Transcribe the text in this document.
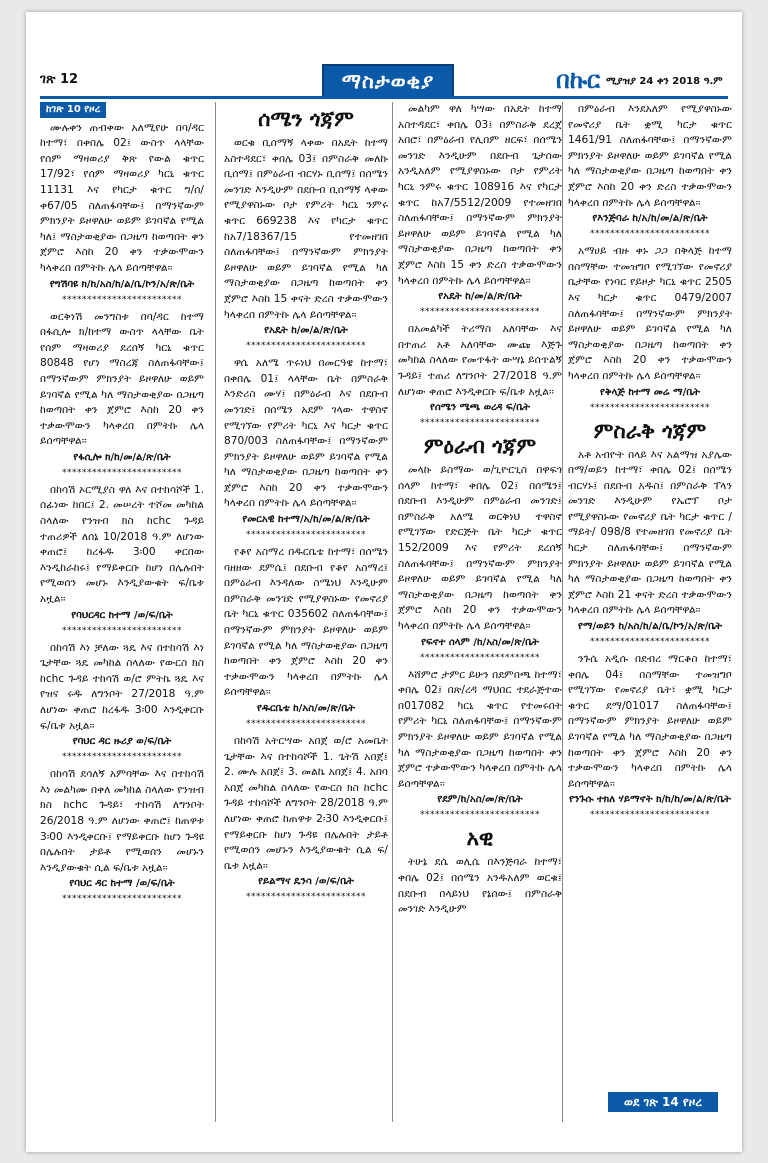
ገጽ 12	ማስታወቂያ	በኩር ሚያዝያ 24 ቀን 2018 ዓ.ም
ከገጽ 10 የዞረ

ሙሉቀን ጠብቀው አለሚየሁ በባ/ዳር ከተማ፣ በቀበሌ 02፤ ውስጥ ላላቸው የሰም ማዛወሪያ ቅጽ የውል ቁጥር 17/92፣ የሰም ማዛወሪያ ካርኒ ቁጥር 11131 እና የካርታ ቁጥር ግ/ሰ/ ቀ67/05 ስለጠፋባቸው፤ በማንኛውም ምክንያት ይዞዋለሁ ወይም ይገባኛል የሚል ካለ፤ ማስታወቂያው በጋዜጣ ከወጣበት ቀን ጀምሮ እስከ 20 ቀን ተቃውሞውን ካላቀረበ በምትኩ ሌላ ይሰጣቸዋል፡፡

የግሽባዩ ክ/ከ/አስ/ከ/ል/ቤ/ኮን/አ/ጽ/ቤት
************************

ወርቅነሽ መንግስቱ በባ/ዳር ከተማ በፋሲሎ ክ/ከተማ ውስጥ ላላቸው ቤት የሰም ማዛወሪያ ደረሰኝ ካርኒ ቁጥር 80848 የሆነ ማስረጃ ስለጠፋባቸው፤ በማንኛውም ምክንያት ይዞዋለሁ ወይም ይገባኛል የሚል ካለ ማስታወቂያው በጋዜጣ ከወጣበት ቀን ጀምሮ እስከ 20 ቀን ተቃውሞውን ካላቀረበ በምትኩ ሌላ ይሰጣቸዋል፡፡

የፋሲሎ ክ/ከ/መ/ል/ጽ/ቤት
************************

በከሳሽ ኦርሚያስ ዋለ እና በተከሳሾች 1. ሰፊነው ከበር፤ 2. መሠረት ተሾመ መካከል ስላለው የንዝብ ክስ ከchc ጉዳይ ተጠሪዎች ለሰኔ 10/2018 ዓ.ም ለሆነው ቀጠሮ፤ ከረፋዱ 3፡00 ቀርበው እንዲከራከሩ፤ የማይቀርቡ ከሆነ በሌሉበት የሚወሰን መሆኑ እንዲያውቁት ፍ/ቤቱ አዟል፡፡

የባህርዳር ከተማ /ወ/ፍ/ቤት
************************

በከሳሽ እነ ቻለው ጓዴ እና በተከሳሽ እነ ጌታቸው ጓዴ መካከል ስላለው የውርስ ክስ ከchc ጉዳይ ተከሳሽ ወ/ሮ ምትኬ ጓዴ እና የዝና ሩዱ ለግንቦት 27/2018 ዓ.ም ለሆነው ቀጠሮ ከረፋዱ 3፡00 እንዲቀርቡ ፍ/ቤቱ አዟል፡፡

የባህር ዳር ዙሪያ ወ/ፍ/ቤት
************************

በከሳሽ ደሳለኝ አምባቸው እና በተከሳሽ እነ መልካሙ በቀለ መካከል ስላለው የንዝብ ክስ ከchc ጉዳይ፣ ተከሳሽ ለግንቦት 26/2018 ዓ.ም ለሆነው ቀጠሮ፤ ከጠዋቱ 3፡00 እንዲቀርቡ፤ የማይቀርቡ ከሆነ ጉዳዩ በሌሉበት ታይቶ የሚወሰን መሆኑን እንዲያውቁት ሲል ፍ/ቤቱ አዟል፡፡

የባህር ዳር ከተማ /ወ/ፍ/ቤት
************************
ሰሜን ጎጃም

ወርቁ ቢሰማኝ ላቀው በአዴት ከተማ አስተዳደር፣ ቀበሌ 03፤ በምስራቅ መለኩ ቢሰማ፤ በምዕራብ ብርሃኑ ቢሰማ፤ በሰሜን መንገድ እንዲሁም በደቡብ ቢሰማኝ ላቀው የሚያዋስኑው ቦታ የምሪት ካርኒ ንምሩ ቁጥር 669238 እና የካርታ ቁጥር ከአ7/18367/15 የተመዘገበ ስለጠፋባቸው፤ በማንኛውም ምክንያት ይዞዋለሁ ወይም ይገባኛል የሚል ካለ ማስታወቂያው በጋዜጣ ከወጣበት ቀን ጀምሮ እስከ 15 ቀናት ድረስ ተቃውሞውን ካላቀረበ በምትኩ ሌላ ይሰጣቸዋል፡፡

የአዴት ከ/መ/ል/ጽ/ቤት
************************

ዋሴ አለሜ ጥሩነህ በመርዓዌ ከተማ፣ በቀበሌ 01፤ ላላቸው ቤት በምስራቅ እንድሪስ ሙሃ፤ በምዕራብ እና በደቡብ መንገድ፤ በሰሜን አደም ገላው ተዋስኖ የሚገኘው የምሪት ካርኒ እና ካርታ ቁጥር 870/003 ስለጠፋባቸው፤ በማንኛውም ምክንያት ይዞዋለሁ ወይም ይገባኛል የሚል ካለ ማስታወቂያው በጋዜጣ ከወጣበት ቀን ጀምሮ እስከ 20 ቀን ተቃውሞውን ካላቀረበ በምትኩ ሌላ ይሰጣቸዋል፡፡

የመርአዊ ከተማ/አ/ከ/መ/ል/ጽ/ቤት
************************

የቆየ አስማረ በዱርቤቴ ከተማ፣ በሰሜን ባዘዘው ደምሴ፤ በደቡብ የቆየ አስማረ፤ በምዕራብ እንዳለው ስሜነህ እንዲሁም በምስራቅ መንገድ የሚያዋስኑው የመኖሪያ ቤት ካርኒ ቁጥር 035602 ስለጠፋባቸው፤ በማንኛውም ምክንያት ይዞዋለሁ ወይም ይገባኛል የሚል ካለ ማስታወቂያው በጋዜጣ ከወጣበት ቀን ጀምሮ እስከ 20 ቀን ተቃውሞውን ካላቀረበ በምትኩ ሌላ ይሰጣቸዋል፡፡

የዱርቤቴ ከ/አስ/መ/ጽ/ቤት
************************

በከሳሽ አትርሣው አበጀ ወ/ሮ አመቤት ጌታቸው እና በተከሳሾች 1. ጌትሽ አበጀ፤ 2. ሙሉ አበጀ፤ 3. መልኬ አበጀ፤ 4. አበባ አበጀ መካከል ስላለው የውርስ ክስ ከchc ጉዳይ ተከሳሾች ለግንቦት 28/2018 ዓ.ም ለሆነው ቀጠሮ ከጠዋቱ 2፡30 እንዲቀርቡ፤ የማይቀርቡ ከሆነ ጉዳዩ በሌሉበት ታይቶ የሚወሰን መሆኑን እንዲያውቁት ሲል ፍ/ቤቱ አዟል፡፡

የይልማና ዴንሳ /ወ/ፍ/ቤት
************************

መልካም ዋለ ካሣው በአዴት ከተማ አስተዳደር፣ ቀበሌ 03፤ በምስራቅ ደረጀ አበሮ፣ በምዕራብ የሊበም ዘርፍ፣ በሰሜን መንገድ እንዲሁም በደቡብ ጌታሰው አንዲአለም የሚያዋስኑው ቦታ የምሪት ካርኒ ንምሩ ቁጥር 108916 እና የካርታ ቁጥር ከአ7/5512/2009 የተመዘገበ ስለጠፋባቸው፤ በማንኛውም ምክንያት ይዞዋለሁ ወይም ይገባኛል የሚል ካለ ማስታወቂያው በጋዜጣ ከወጣበት ቀን ጀምሮ እስከ 15 ቀን ድረስ ተቃውሞውን ካላቀረበ በምትኩ ሌላ ይሰጣቸዋል፡፡

የአዴት ከ/መ/ል/ጽ/ቤት
************************

በአመልካች ትሪማስ አለባቸው እና በተጠሪ አቶ አለባቸው ሙጩ እጅጉ መካከል ስላለው የመጥፋት ውሣኔ ይሰጥልኝ ጉዳይ፤ ተጠሪ ለግንቦት 27/2018 ዓ.ም ለሆነው ቀጠሮ እንዲቀርቡ ፍ/ቤቱ አዟል፡፡

የሰሜን ሜጫ ወረዳ ፍ/ቤት
************************
ምዕራብ ጎጃም

መላኩ ይስማው ወ/ጊዮርጊስ በዋፍጎ ሰላም ከተማ፣ ቀበሌ 02፤ በሰሜን፤ በደቡብ እንዲሁም በምዕራብ መንገድ፤ በምስራቅ አለሜ ወርቅነህ ተዋስኖ የሚገኘው የድርጅት ቤት ካርታ ቁጥር 152/2009 እና የምሪት ደረሰኝ ስለጠፋባቸው፤ በማንኛውም ምክንያት ይዞዋለሁ ወይም ይገባኛል የሚል ካለ ማስታወቂያው በጋዜጣ ከወጣበት ቀን ጀምሮ እስከ 20 ቀን ተቃውሞውን ካላቀረበ በምትኩ ሌላ ይሰጣቸዋል፡፡

የፍኖተ ሰላም /ከ/አስ/መ/ጽ/ቤት
************************

እሸምሮ ታምር ይሁን በደምበጫ ከተማ፣ ቀበሌ 02፤ በጽ/ረዳ ማህበር ተደራጅተው በ017082 ካርኒ ቁጥር የተመሩበት የምሪት ካርኒ ስለጠፋባቸው፤ በማንኛውም ምክንያት ይዞዋለሁ ወይም ይገባኛል የሚል ካለ ማስታወቂያው በጋዜጣ ከወጣበት ቀን ጀምሮ ተቃውሞውን ካላቀረበ በምትኩ ሌላ ይሰጣቸዋል፡፡

የደም/ከ/አስ/መ/ጽ/ቤት
************************
አዊ

ትሁኔ ደሴ ወሊሴ በእንጅባራ ከተማ፣ ቀበሌ 02፤ በሰሜን አንዱአለም ወርቁ፤ በደቡብ በላይነህ የኔሰው፤ በምስራቅ መንገድ እንዲሁም

በምዕራብ እንደአለም የሚያዋስኑው የመኖሪያ ቤት ቋሚ ካርታ ቁጥር 1461/91 ስለጠፋባቸው፤ በማንኛውም ምክንያት ይዞዋለሁ ወይም ይገባኛል የሚል ካለ ማስታወቂያው በጋዜጣ ከወጣበት ቀን ጀምሮ እስከ 20 ቀን ድረስ ተቃውሞውን ካላቀረበ በምትኩ ሌላ ይሰጣቸዋል፡፡

የእንጅባራ ከ/አ/ከ/መ/ል/ጽ/ቤት
************************

አማሀይ ብዙ ቀኑ ጋጋ በቅላጅ ከተማ በስማቸው ተመዝግቦ የሚገኘው የመኖሪያ ቤታቸው የነባር የይዞታ ካርኒ ቁጥር 2505 እና ካርታ ቁጥር 0479/2007 ስለጠፋባቸው፤ በማንኛውም ምክንያት ይዞዋለሁ ወይም ይገባኛል የሚል ካለ ማስታወቂያው በጋዜጣ ከወጣበት ቀን ጀምሮ እስከ 20 ቀን ተቃውሞውን ካላቀረበ በምትኩ ሌላ ይሰጣቸዋል፡፡

የቅላጅ ከተማ መሬ ማ/ቤት
************************
ምስራቅ ጎጃም

አቶ አብዮት በላይ እና አልማዝ አያሌው በማ/ወይን ከተማ፣ ቀበሌ 02፤ በሰሜን ብርሃኑ፤ በደቡብ አዱስ፤ በምስራቅ ፐላን መንገድ እንዲሁም የኤሮፕ ቦታ የሚያዋስኑው የመኖሪያ ቤት ካርታ ቁጥር /ማይት/ 098/8 የተመዘገበ የመኖሪያ ቤት ካርታ ስለጠፋባቸው፤ በማንኛውም ምክንያት ይዞዋለሁ ወይም ይገባኛል የሚል ካለ ማስታወቂያው በጋዜጣ ከወጣበት ቀን ጀምሮ እስከ 21 ቀናት ድረስ ተቃውሞውን ካላቀረበ በምትኩ ሌላ ይሰጣቸዋል፡፡

የማ/ወይን ከ/አስ/ከ/ል/ቤ/ኮን/አ/ጽ/ቤት
************************

ንጉሴ አዲሱ በደብረ ማርቆስ ከተማ፣ ቀበሌ 04፤ በስማቸው ተመዝግቦ የሚገኘው የመኖሪያ ቤት፣ ቋሚ ካርታ ቁጥር ደማ/01017 ስለጠፋባቸው፤ በማንኛውም ምክንያት ይዞዋለሁ ወይም ይገባኛል የሚል ካለ ማስታወቂያው በጋዜጣ ከወጣበት ቀን ጀምሮ እስከ 20 ቀን ተቃውሞውን ካላቀረበ በምትኩ ሌላ ይሰጣቸዋል፡፡

የንጉሱ ተክለ ሃይማኖት ክ/ከ/ከ/መ/ል/ጽ/ቤት
************************
ወደ ገጽ 14 የዞረ
